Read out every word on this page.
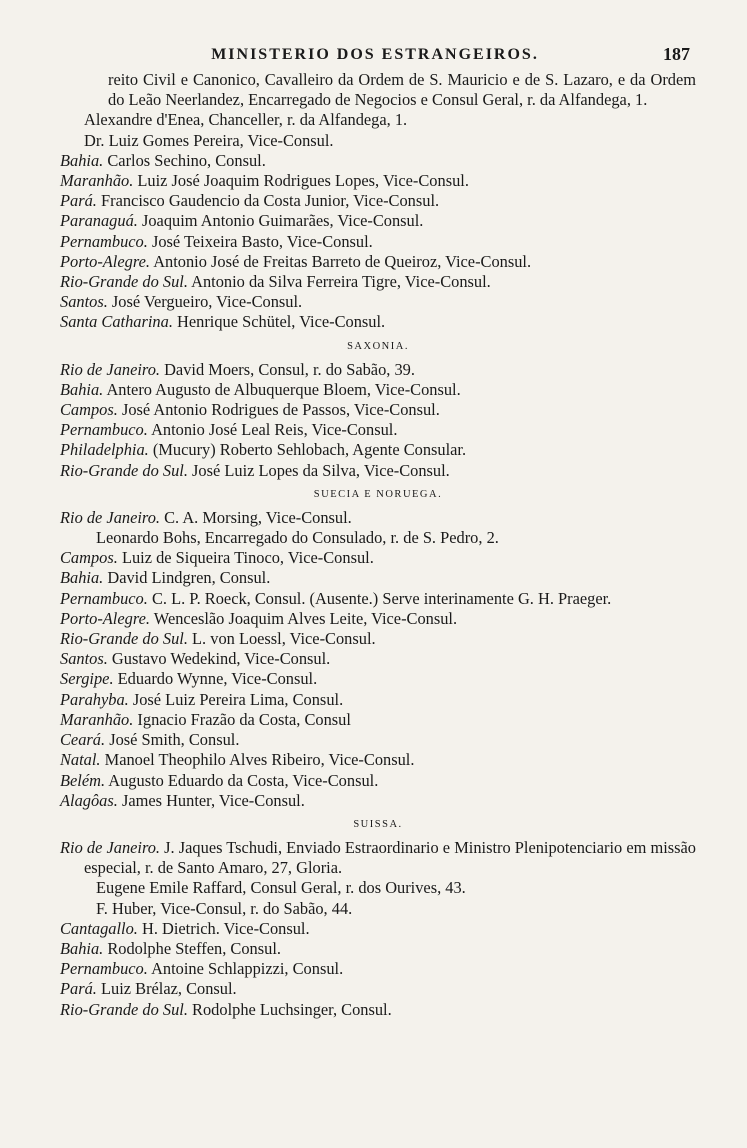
MINISTERIO DOS ESTRANGEIROS.	187

reito Civil e Canonico, Cavalleiro da Ordem de S. Mauricio e de S. Lazaro, e da Ordem do Leão Neerlandez, Encarregado de Negocios e Consul Geral, r. da Alfandega, 1.

Alexandre d'Enea, Chanceller, r. da Alfandega, 1.

Dr. Luiz Gomes Pereira, Vice-Consul.

Bahia. Carlos Sechino, Consul.

Maranhão. Luiz José Joaquim Rodrigues Lopes, Vice-Consul.

Pará. Francisco Gaudencio da Costa Junior, Vice-Consul.

Paranaguá. Joaquim Antonio Guimarães, Vice-Consul.

Pernambuco. José Teixeira Basto, Vice-Consul.

Porto-Alegre. Antonio José de Freitas Barreto de Queiroz, Vice-Consul.

Rio-Grande do Sul. Antonio da Silva Ferreira Tigre, Vice-Consul.

Santos. José Vergueiro, Vice-Consul.

Santa Catharina. Henrique Schütel, Vice-Consul.

SAXONIA.

Rio de Janeiro. David Moers, Consul, r. do Sabão, 39.

Bahia. Antero Augusto de Albuquerque Bloem, Vice-Consul.

Campos. José Antonio Rodrigues de Passos, Vice-Consul.

Pernambuco. Antonio José Leal Reis, Vice-Consul.

Philadelphia. (Mucury) Roberto Sehlobach, Agente Consular.

Rio-Grande do Sul. José Luiz Lopes da Silva, Vice-Consul.

SUECIA E NORUEGA.

Rio de Janeiro. C. A. Morsing, Vice-Consul.

Leonardo Bohs, Encarregado do Consulado, r. de S. Pedro, 2.

Campos. Luiz de Siqueira Tinoco, Vice-Consul.

Bahia. David Lindgren, Consul.

Pernambuco. C. L. P. Roeck, Consul. (Ausente.) Serve interinamente G. H. Praeger.

Porto-Alegre. Wenceslão Joaquim Alves Leite, Vice-Consul.

Rio-Grande do Sul. L. von Loessl, Vice-Consul.

Santos. Gustavo Wedekind, Vice-Consul.

Sergipe. Eduardo Wynne, Vice-Consul.

Parahyba. José Luiz Pereira Lima, Consul.

Maranhão. Ignacio Frazão da Costa, Consul

Ceará. José Smith, Consul.

Natal. Manoel Theophilo Alves Ribeiro, Vice-Consul.

Belém. Augusto Eduardo da Costa, Vice-Consul.

Alagôas. James Hunter, Vice-Consul.

SUISSA.

Rio de Janeiro. J. Jaques Tschudi, Enviado Estraordinario e Ministro Plenipotenciario em missão especial, r. de Santo Amaro, 27, Gloria.

Eugene Emile Raffard, Consul Geral, r. dos Ourives, 43.

F. Huber, Vice-Consul, r. do Sabão, 44.

Cantagallo. H. Dietrich. Vice-Consul.

Bahia. Rodolphe Steffen, Consul.

Pernambuco. Antoine Schlappizzi, Consul.

Pará. Luiz Brélaz, Consul.

Rio-Grande do Sul. Rodolphe Luchsinger, Consul.
